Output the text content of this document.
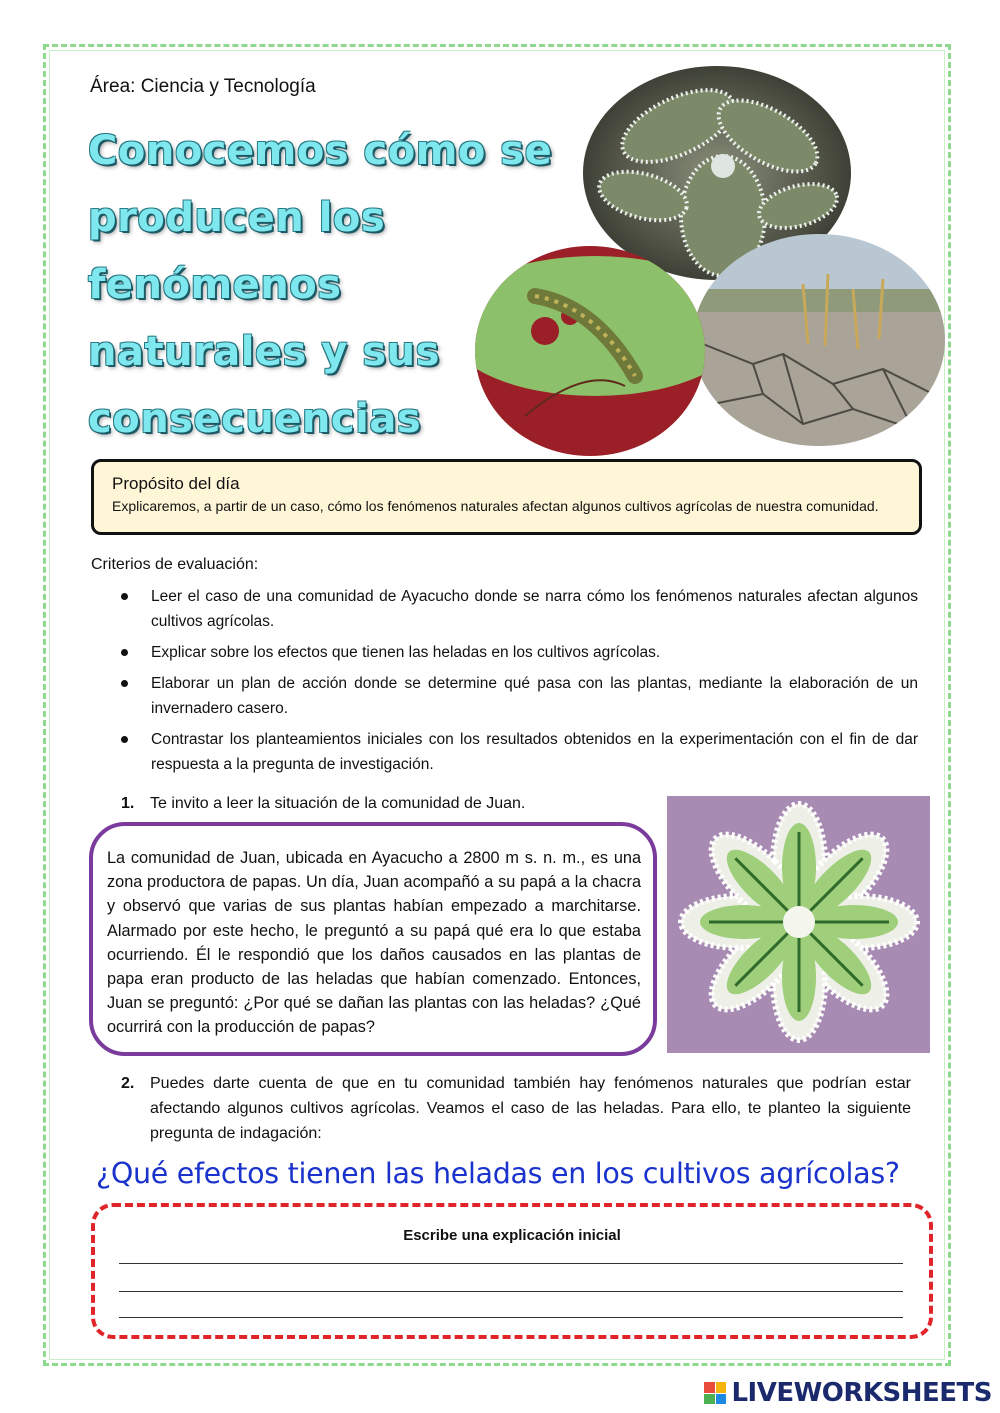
Área: Ciencia y Tecnología
Conocemos cómo se producen los fenómenos naturales y sus consecuencias
Propósito del día
Explicaremos, a partir de un caso, cómo los fenómenos naturales afectan algunos cultivos agrícolas de nuestra comunidad.
Criterios de evaluación:
Leer el caso de una comunidad de Ayacucho donde se narra cómo los fenómenos naturales afectan algunos cultivos agrícolas.
Explicar sobre los efectos que tienen las heladas en los cultivos agrícolas.
Elaborar un plan de acción donde se determine qué pasa con las plantas, mediante la elaboración de un invernadero casero.
Contrastar los planteamientos iniciales con los resultados obtenidos en la experimentación con el fin de dar respuesta a la pregunta de investigación.
1. Te invito a leer la situación de la comunidad de Juan.
La comunidad de Juan, ubicada en Ayacucho a 2800 m s. n. m., es una zona productora de papas. Un día, Juan acompañó a su papá a la chacra y observó que varias de sus plantas habían empezado a marchitarse. Alarmado por este hecho, le preguntó a su papá qué era lo que estaba ocurriendo. Él le respondió que los daños causados en las plantas de papa eran producto de las heladas que habían comenzado. Entonces, Juan se preguntó: ¿Por qué se dañan las plantas con las heladas? ¿Qué ocurrirá con la producción de papas?
2. Puedes darte cuenta de que en tu comunidad también hay fenómenos naturales que podrían estar afectando algunos cultivos agrícolas. Veamos el caso de las heladas. Para ello, te planteo la siguiente pregunta de indagación:
¿Qué efectos tienen las heladas en los cultivos agrícolas?
Escribe una explicación inicial
LIVEWORKSHEETS
